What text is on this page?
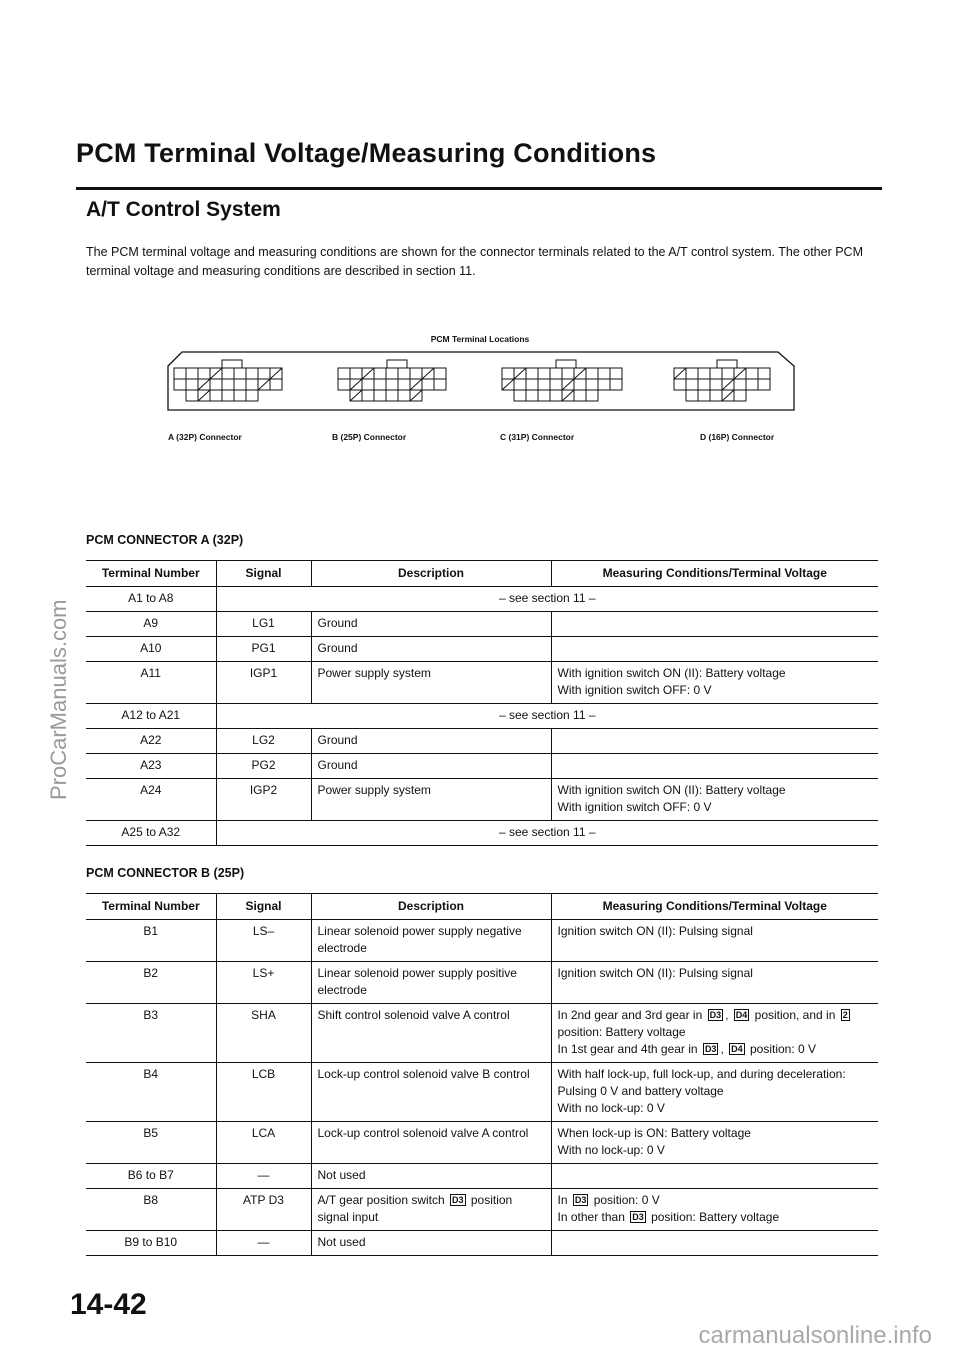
ProCarManuals.com
carmanualsonline.info
PCM Terminal Voltage/Measuring Conditions
A/T Control System
The PCM terminal voltage and measuring conditions are shown for the connector terminals related to the A/T control system. The other PCM terminal voltage and measuring conditions are described in section 11.
PCM Terminal Locations
A (32P) Connector	B (25P) Connector	C (31P) Connector	D (16P) Connector
PCM CONNECTOR A (32P)
Terminal Number	Signal	Description	Measuring Conditions/Terminal Voltage
A1 to A8	– see section 11 –		
A9	LG1	Ground	
A10	PG1	Ground	
A11	IGP1	Power supply system	With ignition switch ON (II): Battery voltage
With ignition switch OFF: 0 V
A12 to A21	– see section 11 –		
A22	LG2	Ground	
A23	PG2	Ground	
A24	IGP2	Power supply system	With ignition switch ON (II): Battery voltage
With ignition switch OFF: 0 V
A25 to A32	– see section 11 –		
PCM CONNECTOR B (25P)
Terminal Number	Signal	Description	Measuring Conditions/Terminal Voltage
B1	LS–	Linear solenoid power supply negative electrode	Ignition switch ON (II): Pulsing signal
B2	LS+	Linear solenoid power supply positive electrode	Ignition switch ON (II): Pulsing signal
B3	SHA	Shift control solenoid valve A control	In 2nd gear and 3rd gear in D3 , D4 position, and in 2 position: Battery voltage
In 1st gear and 4th gear in D3 , D4 position: 0 V
B4	LCB	Lock-up control solenoid valve B control	With half lock-up, full lock-up, and during deceleration: Pulsing 0 V and battery voltage
With no lock-up: 0 V
B5	LCA	Lock-up control solenoid valve A control	When lock-up is ON: Battery voltage
With no lock-up: 0 V
B6 to B7	—	Not used	
B8	ATP D3	A/T gear position switch D3 position signal input	In D3 position: 0 V
In other than D3 position: Battery voltage
B9 to B10	—	Not used	
14-42
